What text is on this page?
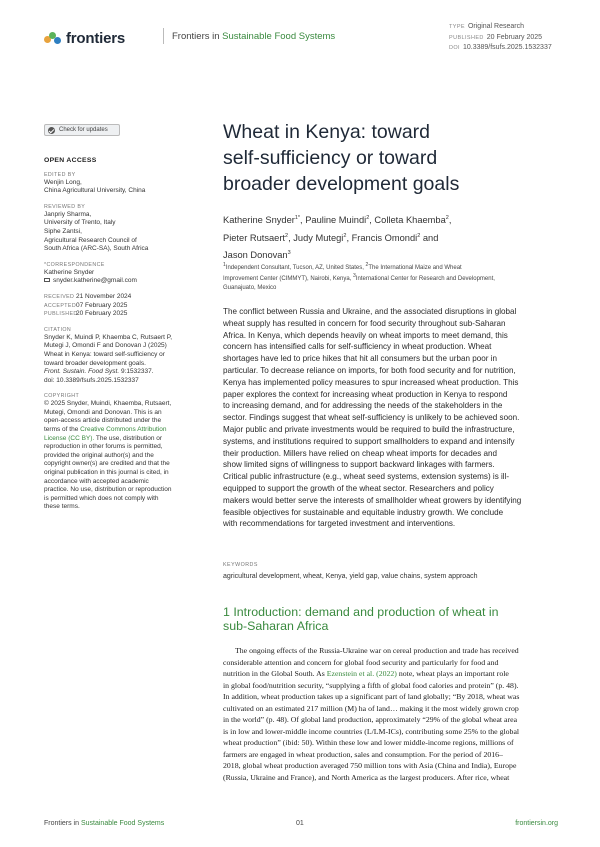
frontiers	Frontiers in Sustainable Food Systems
TYPE Original Research
PUBLISHED 20 February 2025
DOI 10.3389/fsufs.2025.1532337
Check for updates
OPEN ACCESS
EDITED BY
Wenjin Long,
China Agricultural University, China
REVIEWED BY
Janpriy Sharma,
University of Trento, Italy
Siphe Zantsi,
Agricultural Research Council of
South Africa (ARC-SA), South Africa
*CORRESPONDENCE
Katherine Snyder
snyder.katherine@gmail.com
RECEIVED 21 November 2024
ACCEPTED 07 February 2025
PUBLISHED
20 February 2025
CITATION
Snyder K, Muindi P, Khaemba C, Rutsaert P,
Mutegi J, Omondi F and Donovan J (2025)
Wheat in Kenya: toward self-sufficiency or
toward broader development goals.
Front. Sustain. Food Syst. 9:1532337.
doi: 10.3389/fsufs.2025.1532337
COPYRIGHT
© 2025 Snyder, Muindi, Khaemba, Rutsaert,
Mutegi, Omondi and Donovan. This is an
open-access article distributed under the
terms of the Creative Commons Attribution
License (CC BY). The use, distribution or
reproduction in other forums is permitted,
provided the original author(s) and the
copyright owner(s) are credited and that the
original publication in this journal is cited, in
accordance with accepted academic
practice. No use, distribution or reproduction
is permitted which does not comply with
these terms.
Wheat in Kenya: toward
self-sufficiency or toward
broader development goals
Katherine Snyder$^{1*}$, Pauline Muindi$^2$, Colleta Khaemba$^2$,
Pieter Rutsaert$^2$, Judy Mutegi$^2$, Francis Omondi$^2$ and
Jason Donovan$^3$
$^1$Independent Consultant, Tucson, AZ, United States, $^2$The International Maize and Wheat
Improvement Center (CIMMYT), Nairobi, Kenya, $^3$International Center for Research and Development,
Guanajuato, Mexico
The conflict between Russia and Ukraine, and the associated disruptions in global
wheat supply has resulted in concern for food security throughout sub-Saharan
Africa. In Kenya, which depends heavily on wheat imports to meet demand, this
concern has intensified calls for self-sufficiency in wheat production. Wheat
shortages have led to price hikes that hit all consumers but the urban poor in
particular. To decrease reliance on imports, for both food security and for nutrition,
Kenya has implemented policy measures to spur increased wheat production. This
paper explores the context for increasing wheat production in Kenya to respond
to increasing demand, and for addressing the needs of the stakeholders in the
sector. Findings suggest that wheat self-sufficiency is unlikely to be achieved soon.
Major public and private investments would be required to build the infrastructure,
systems, and institutions required to support smallholders to expand and intensify
their production. Millers have relied on cheap wheat imports for decades and
show limited signs of willingness to support backward linkages with farmers.
Critical public infrastructure (e.g., wheat seed systems, extension systems) is ill-
equipped to support the growth of the wheat sector. Researchers and policy
makers would better serve the interests of smallholder wheat growers by identifying
feasible objectives for sustainable and equitable industry growth. We conclude
with recommendations for targeted investment and interventions.
KEYWORDS
agricultural development, wheat, Kenya, yield gap, value chains, system approach
1 Introduction: demand and production of wheat in
sub-Saharan Africa
The ongoing effects of the Russia-Ukraine war on cereal production and trade has received
considerable attention and concern for global food security and particularly for food and
nutrition in the Global South. As Ezenstein et al. (2022) note, wheat plays an important role
in global food/nutrition security, “supplying a fifth of global food calories and protein” (p. 48).
In addition, wheat production takes up a significant part of land globally; “By 2018, wheat was
cultivated on an estimated 217 million (M) ha of land… making it the most widely grown crop
in the world” (p. 48). Of global land production, approximately “29% of the global wheat area
is in low and lower-middle income countries (L/LM-ICs), contributing some 25% to the global
wheat production” (ibid: 50). Within these low and lower middle-income regions, millions of
farmers are engaged in wheat production, sales and consumption. For the period of 2016–
2018, global wheat production averaged 750 million tons with Asia (China and India), Europe
(Russia, Ukraine and France), and North America as the largest producers. After rice, wheat
Frontiers in Sustainable Food Systems	01	frontiersin.org
